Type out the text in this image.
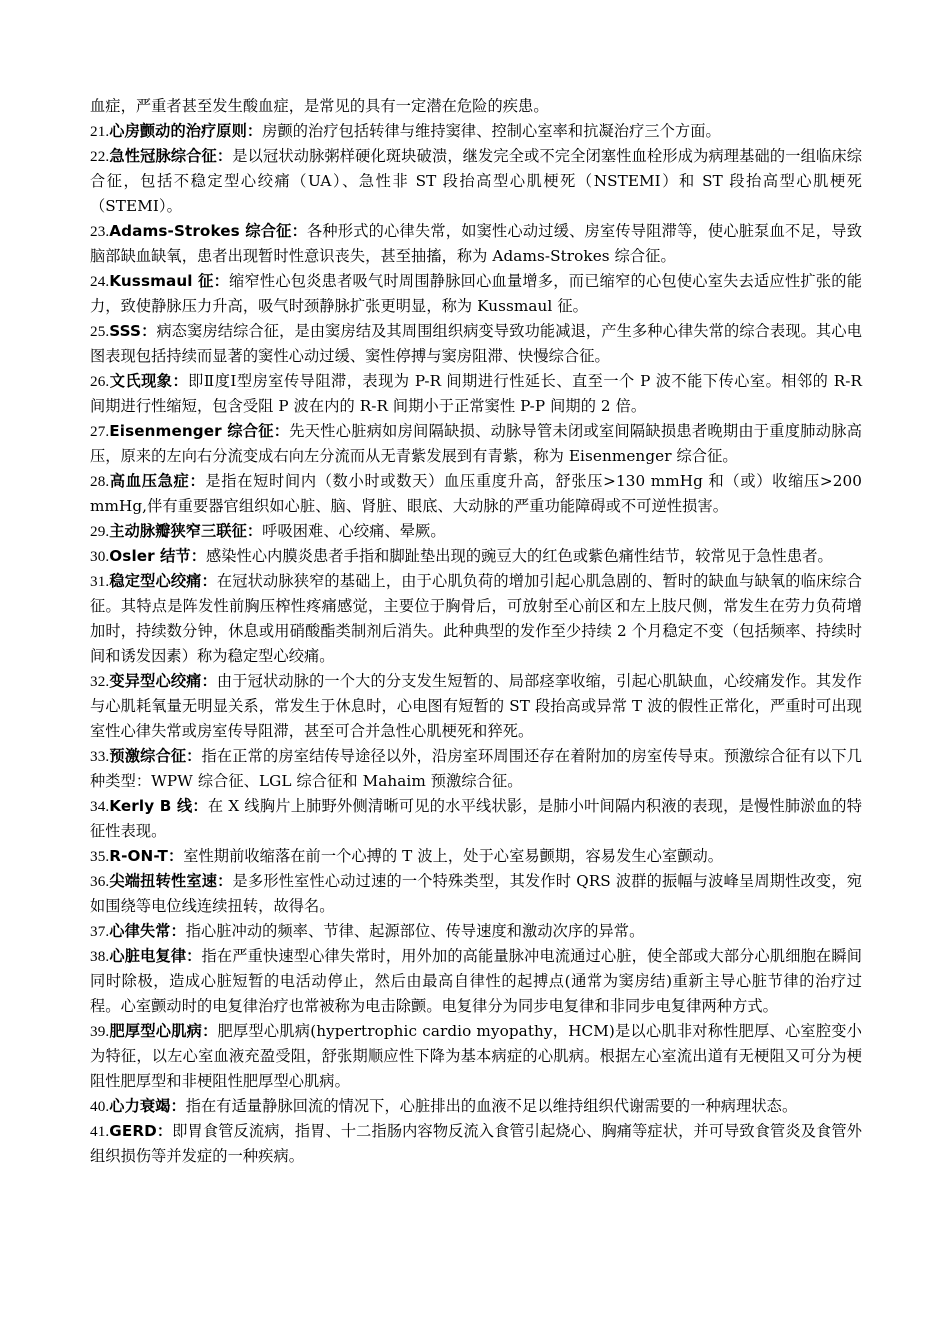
血症，严重者甚至发生酸血症，是常见的具有一定潜在危险的疾患。

21.心房颤动的治疗原则：房颤的治疗包括转律与维持窦律、控制心室率和抗凝治疗三个方面。

22.急性冠脉综合征：是以冠状动脉粥样硬化斑块破溃，继发完全或不完全闭塞性血栓形成为病理基础的一组临床综合征，包括不稳定型心绞痛（UA）、急性非 ST 段抬高型心肌梗死（NSTEMI）和 ST 段抬高型心肌梗死（STEMI）。

23.Adams-Strokes 综合征：各种形式的心律失常，如窦性心动过缓、房室传导阻滞等，使心脏泵血不足，导致脑部缺血缺氧，患者出现暂时性意识丧失，甚至抽搐，称为 Adams-Strokes 综合征。

24.Kussmaul 征：缩窄性心包炎患者吸气时周围静脉回心血量增多，而已缩窄的心包使心室失去适应性扩张的能力，致使静脉压力升高，吸气时颈静脉扩张更明显，称为 Kussmaul 征。

25.SSS：病态窦房结综合征，是由窦房结及其周围组织病变导致功能减退，产生多种心律失常的综合表现。其心电图表现包括持续而显著的窦性心动过缓、窦性停搏与窦房阻滞、快慢综合征。

26.文氏现象：即Ⅱ度Ⅰ型房室传导阻滞，表现为 P-R 间期进行性延长、直至一个 P 波不能下传心室。相邻的 R-R 间期进行性缩短，包含受阻 P 波在内的 R-R 间期小于正常窦性 P-P 间期的 2 倍。

27.Eisenmenger 综合征：先天性心脏病如房间隔缺损、动脉导管未闭或室间隔缺损患者晚期由于重度肺动脉高压，原来的左向右分流变成右向左分流而从无青紫发展到有青紫，称为 Eisenmenger 综合征。

28.高血压急症：是指在短时间内（数小时或数天）血压重度升高，舒张压>130 mmHg 和（或）收缩压>200 mmHg,伴有重要器官组织如心脏、脑、肾脏、眼底、大动脉的严重功能障碍或不可逆性损害。

29.主动脉瓣狭窄三联征：呼吸困难、心绞痛、晕厥。

30.Osler 结节：感染性心内膜炎患者手指和脚趾垫出现的豌豆大的红色或紫色痛性结节，较常见于急性患者。

31.稳定型心绞痛：在冠状动脉狭窄的基础上，由于心肌负荷的增加引起心肌急剧的、暂时的缺血与缺氧的临床综合征。其特点是阵发性前胸压榨性疼痛感觉，主要位于胸骨后，可放射至心前区和左上肢尺侧，常发生在劳力负荷增加时，持续数分钟，休息或用硝酸酯类制剂后消失。此种典型的发作至少持续 2 个月稳定不变（包括频率、持续时间和诱发因素）称为稳定型心绞痛。

32.变异型心绞痛：由于冠状动脉的一个大的分支发生短暂的、局部痉挛收缩，引起心肌缺血，心绞痛发作。其发作与心肌耗氧量无明显关系，常发生于休息时，心电图有短暂的 ST 段抬高或异常 T 波的假性正常化，严重时可出现室性心律失常或房室传导阻滞，甚至可合并急性心肌梗死和猝死。

33.预激综合征：指在正常的房室结传导途径以外，沿房室环周围还存在着附加的房室传导束。预激综合征有以下几种类型：WPW 综合征、LGL 综合征和 Mahaim 预激综合征。

34.Kerly B 线：在 X 线胸片上肺野外侧清晰可见的水平线状影，是肺小叶间隔内积液的表现，是慢性肺淤血的特征性表现。

35.R-ON-T：室性期前收缩落在前一个心搏的 T 波上，处于心室易颤期，容易发生心室颤动。

36.尖端扭转性室速：是多形性室性心动过速的一个特殊类型，其发作时 QRS 波群的振幅与波峰呈周期性改变，宛如围绕等电位线连续扭转，故得名。

37.心律失常：指心脏冲动的频率、节律、起源部位、传导速度和激动次序的异常。

38.心脏电复律：指在严重快速型心律失常时，用外加的高能量脉冲电流通过心脏，使全部或大部分心肌细胞在瞬间同时除极，造成心脏短暂的电活动停止，然后由最高自律性的起搏点(通常为窦房结)重新主导心脏节律的治疗过程。心室颤动时的电复律治疗也常被称为电击除颤。电复律分为同步电复律和非同步电复律两种方式。

39.肥厚型心肌病：肥厚型心肌病(hypertrophic cardio myopathy，HCM)是以心肌非对称性肥厚、心室腔变小为特征，以左心室血液充盈受阻，舒张期顺应性下降为基本病症的心肌病。根据左心室流出道有无梗阻又可分为梗阻性肥厚型和非梗阻性肥厚型心肌病。

40.心力衰竭：指在有适量静脉回流的情况下，心脏排出的血液不足以维持组织代谢需要的一种病理状态。

41.GERD：即胃食管反流病，指胃、十二指肠内容物反流入食管引起烧心、胸痛等症状，并可导致食管炎及食管外组织损伤等并发症的一种疾病。
